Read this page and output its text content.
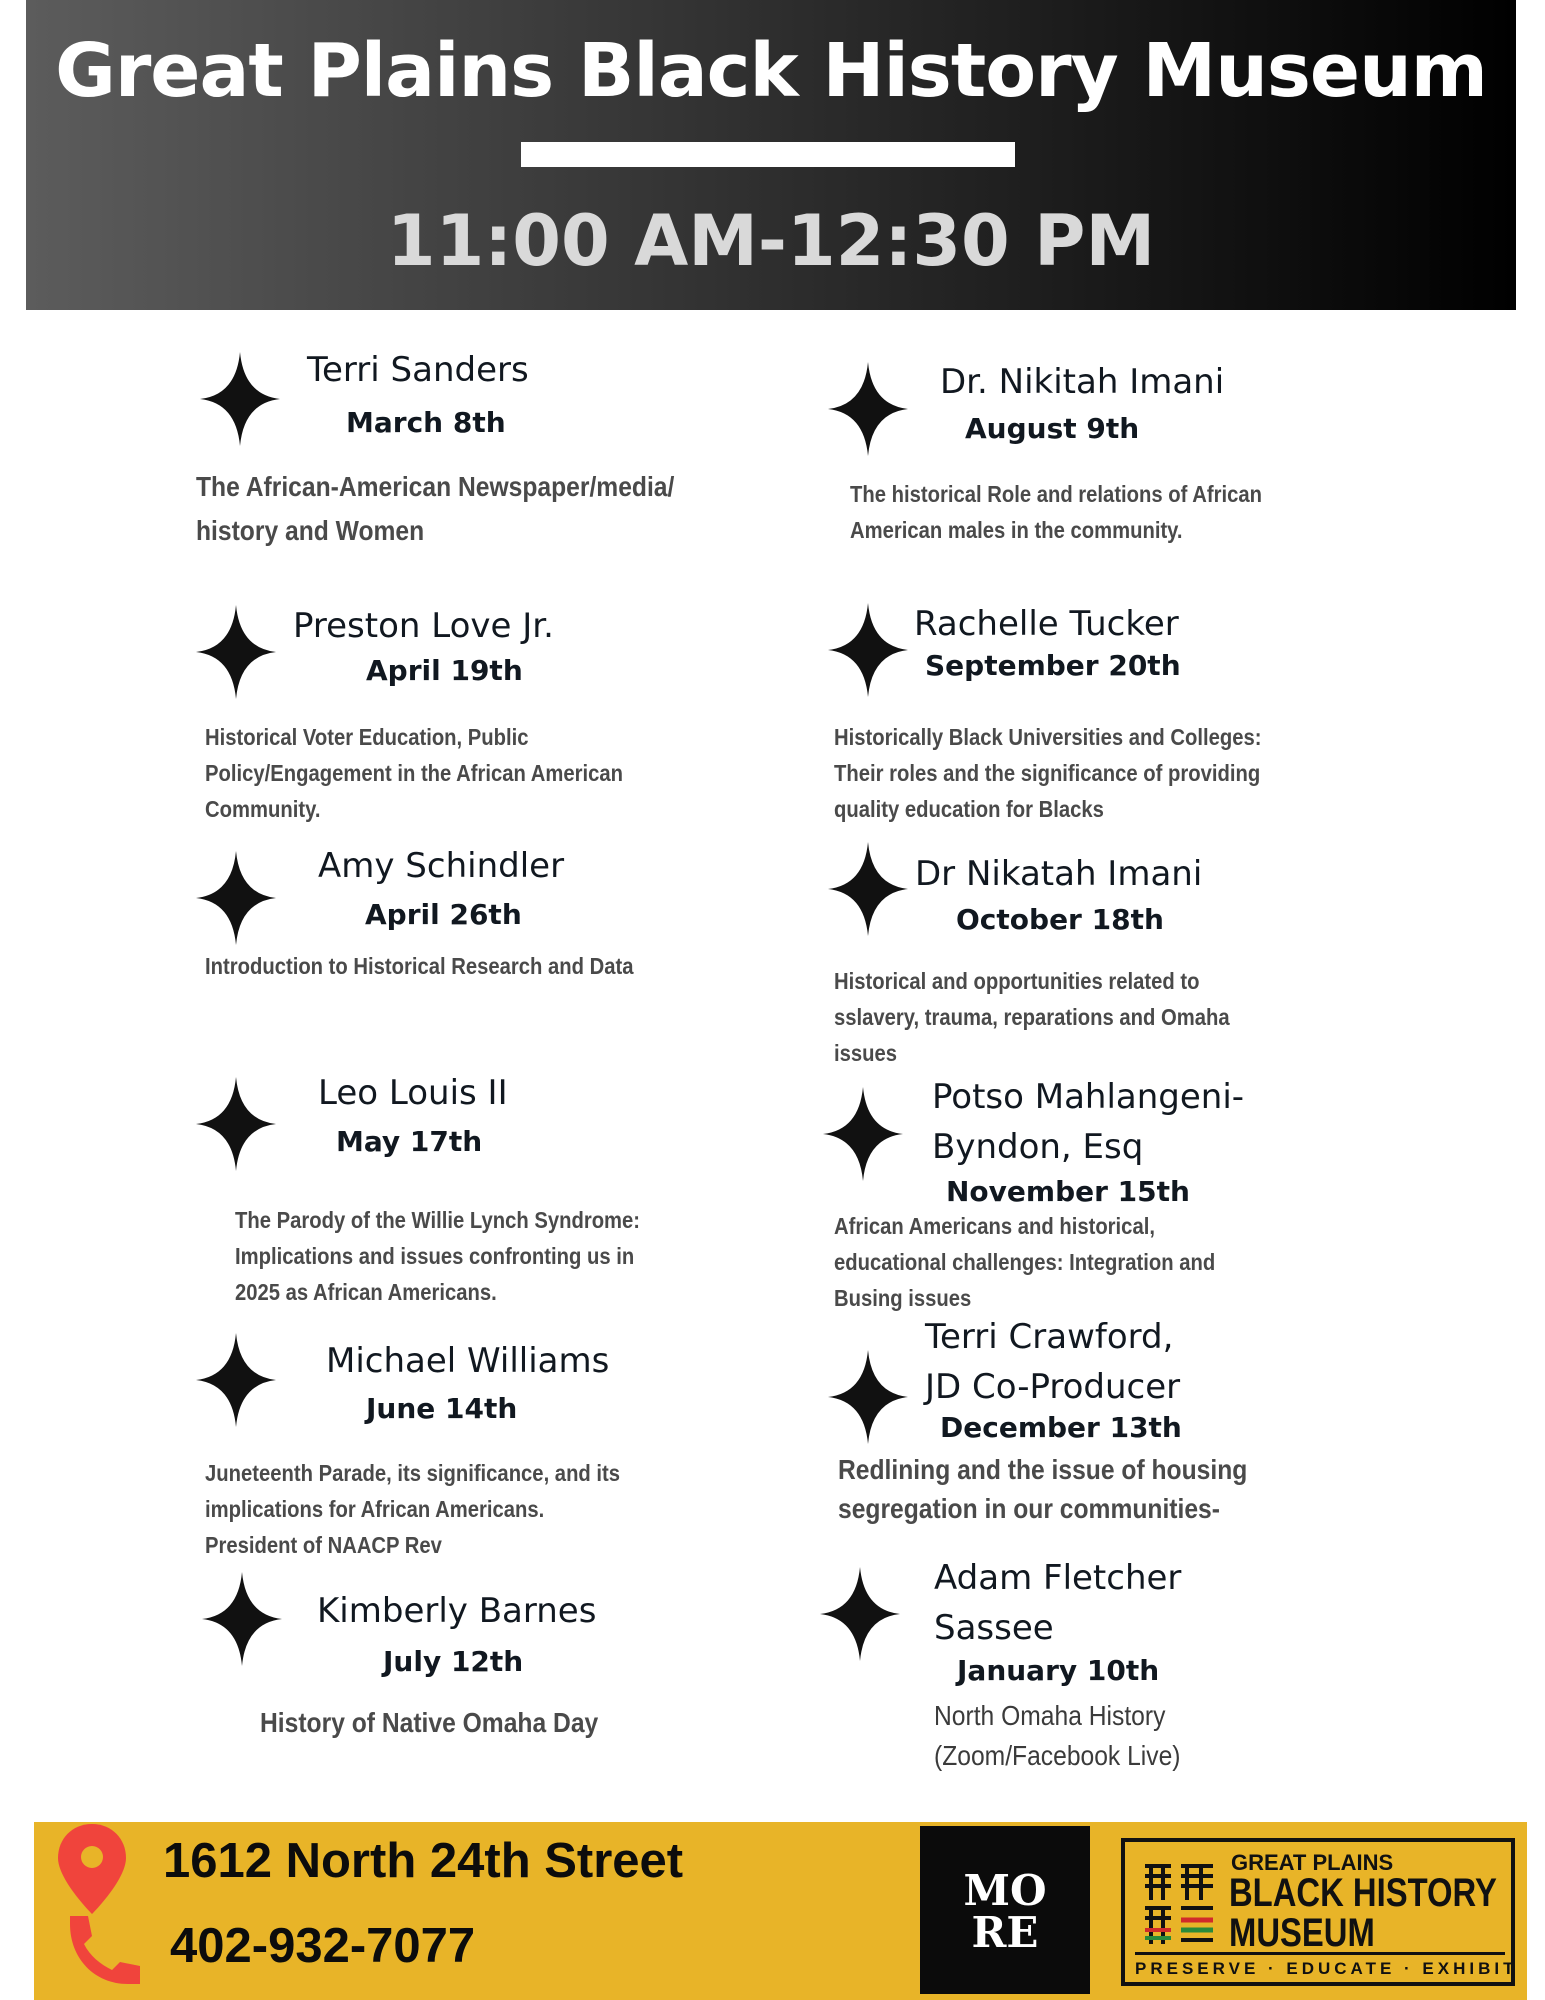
Great Plains Black History Museum
11:00 AM-12:30 PM
Terri Sanders
March 8th
The African-American Newspaper/media/
history and Women
Preston Love Jr.
April 19th
Historical Voter Education, Public
Policy/Engagement in the African American
Community.
Amy Schindler
April 26th
Introduction to Historical Research and Data
Leo Louis II
May 17th
The Parody of the Willie Lynch Syndrome:
Implications and issues confronting us in
2025 as African Americans.
Michael Williams
June 14th
Juneteenth Parade, its significance, and its
implications for African Americans.
President of NAACP Rev
Kimberly Barnes
July 12th
History of Native Omaha Day
Dr. Nikitah Imani
August 9th
The historical Role and relations of African
American males in the community.
Rachelle Tucker
September 20th
Historically Black Universities and Colleges:
Their roles and the significance of providing
quality education for Blacks
Dr Nikatah Imani
October 18th
Historical and opportunities related to
sslavery, trauma, reparations and Omaha
issues
Potso Mahlangeni-
Byndon, Esq
November 15th
African Americans and historical,
educational challenges: Integration and
Busing issues
Terri Crawford,
JD Co-Producer
December 13th
Redlining and the issue of housing
segregation in our communities-
Adam Fletcher
Sassee
January 10th
North Omaha History
(Zoom/Facebook Live)
1612 North 24th Street
402-932-7077
MO
RE
GREAT PLAINS
BLACK HISTORY
MUSEUM
PRESERVE · EDUCATE · EXHIBIT
